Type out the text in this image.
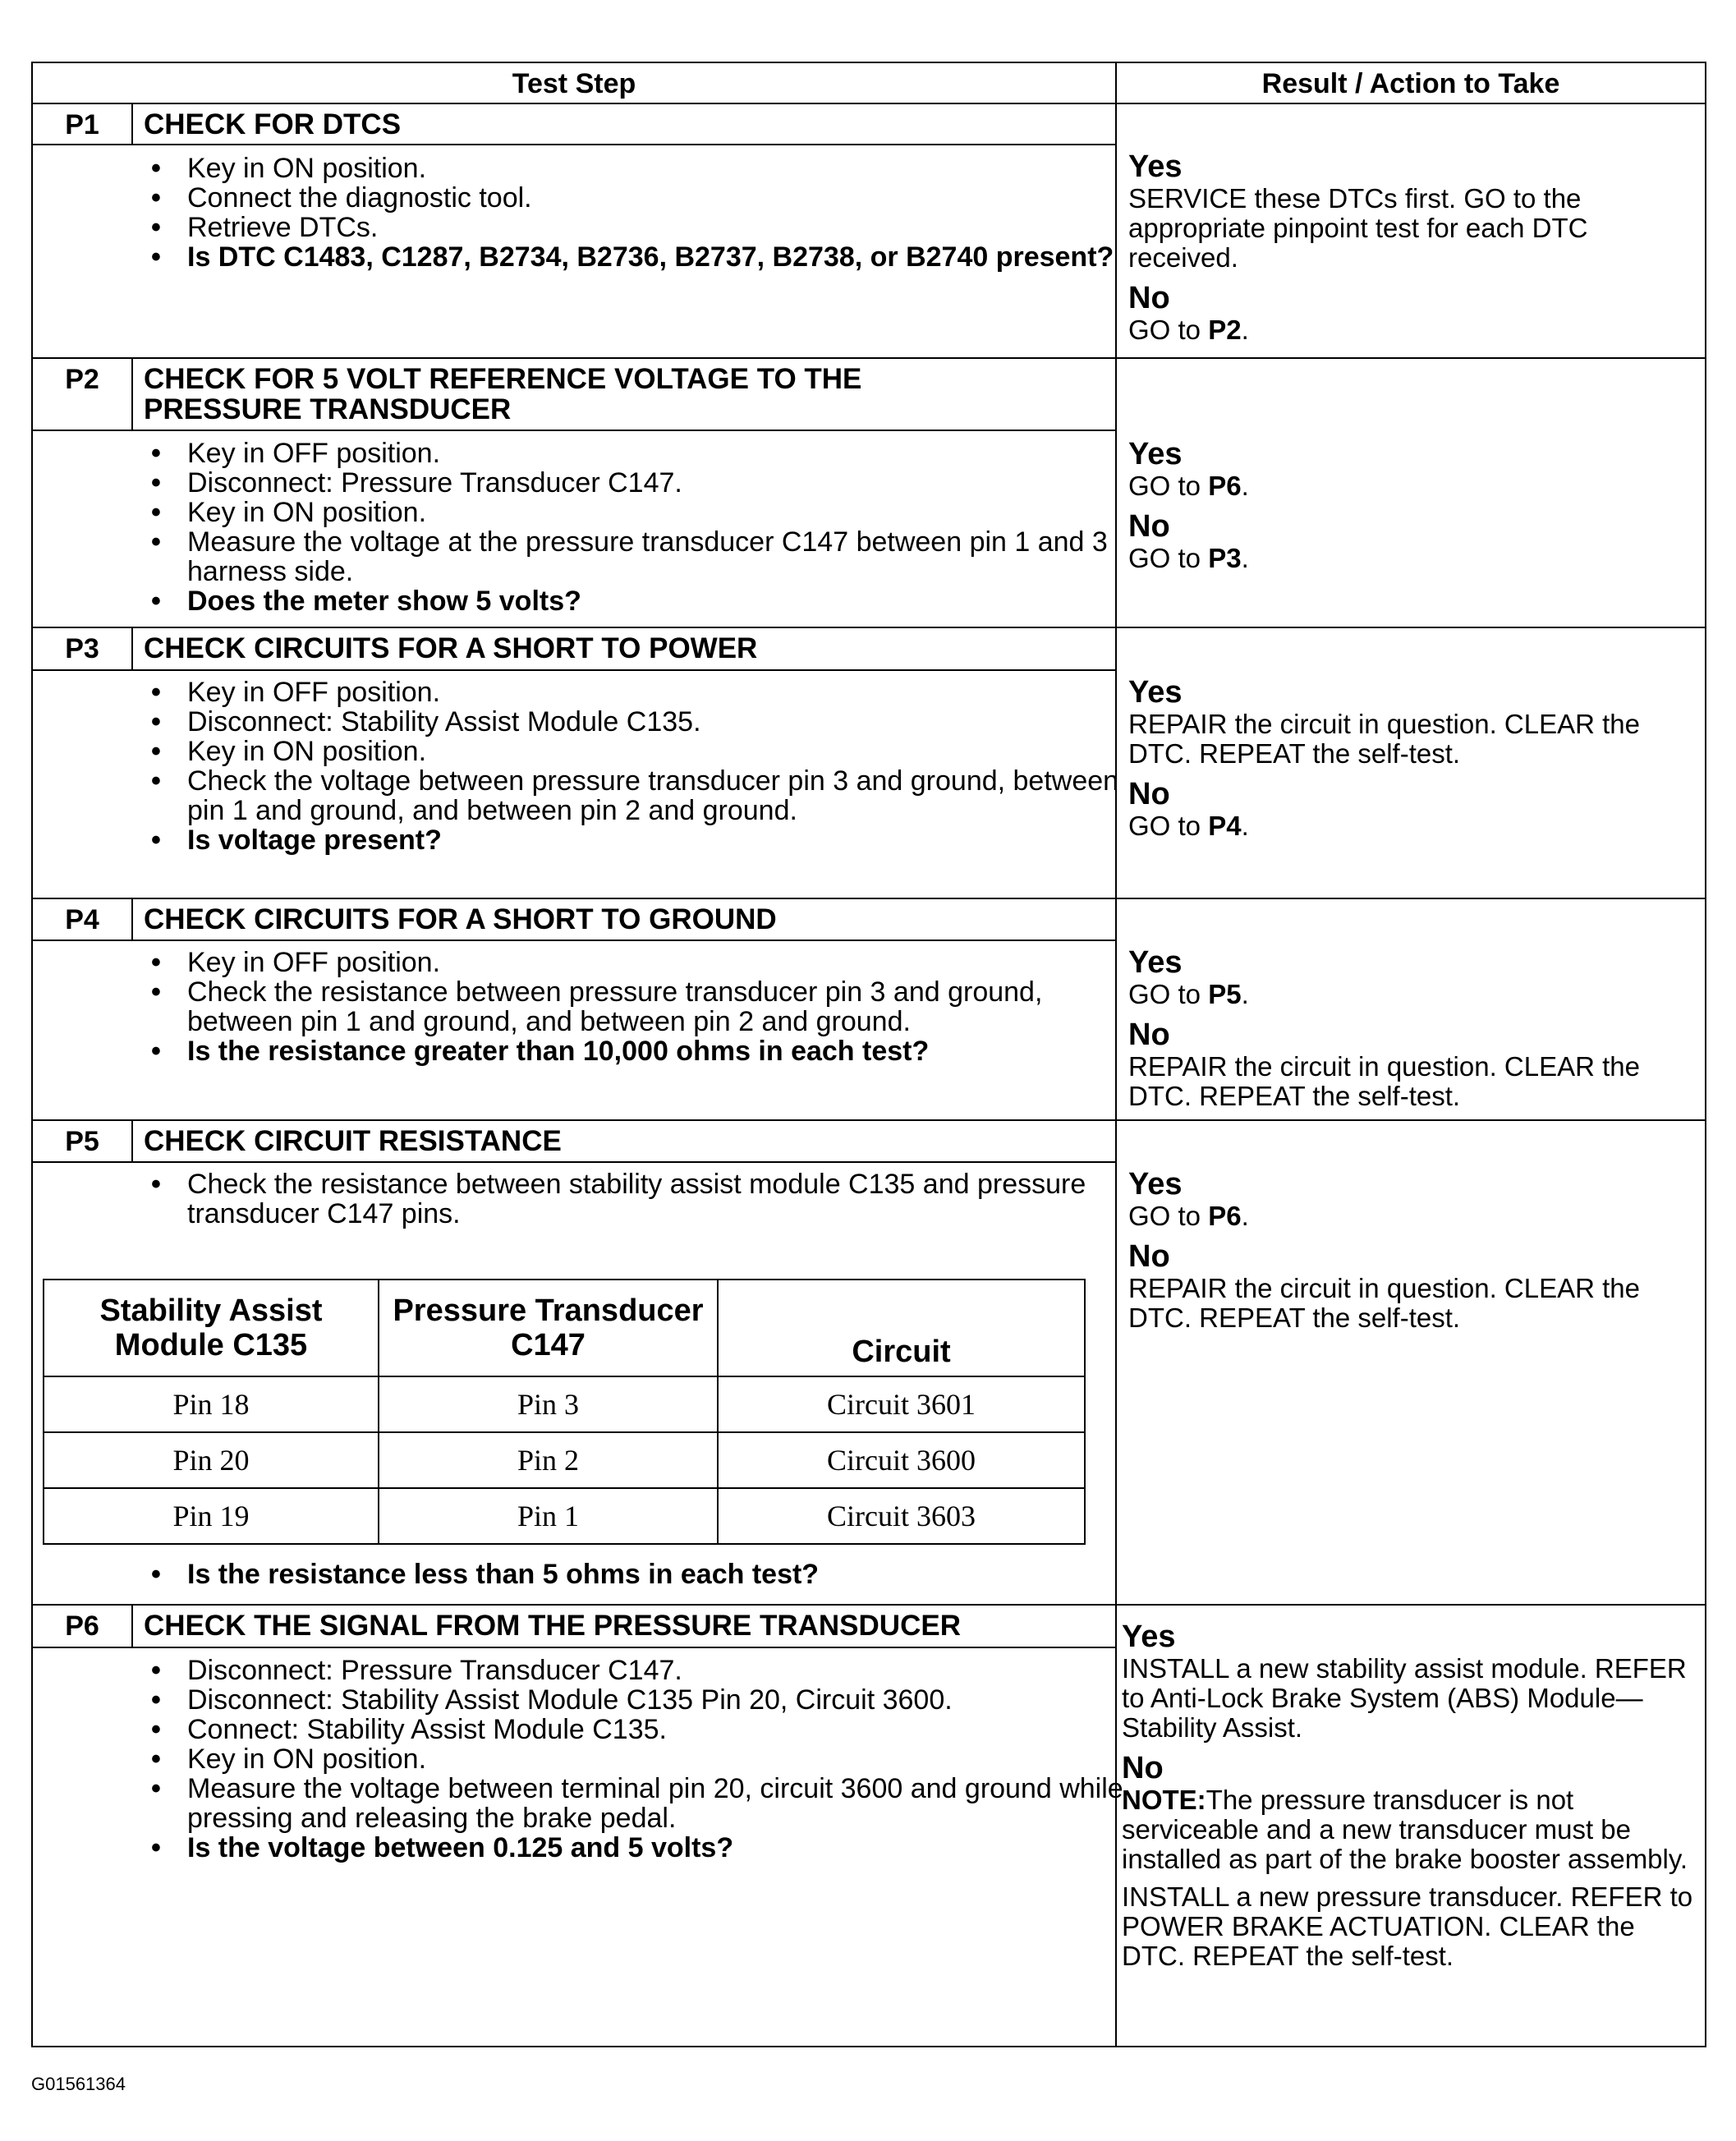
Test Step	Result / Action to Take
P1	CHECK FOR DTCS
• Key in ON position.
• Connect the diagnostic tool.
• Retrieve DTCs.
• Is DTC C1483, C1287, B2734, B2736, B2737, B2738, or B2740 present?
Yes
SERVICE these DTCs first. GO to the appropriate pinpoint test for each DTC received.
No
GO to P2.
P2	CHECK FOR 5 VOLT REFERENCE VOLTAGE TO THE PRESSURE TRANSDUCER
• Key in OFF position.
• Disconnect: Pressure Transducer C147.
• Key in ON position.
• Measure the voltage at the pressure transducer C147 between pin 1 and 3 harness side.
• Does the meter show 5 volts?
Yes
GO to P6.
No
GO to P3.
P3	CHECK CIRCUITS FOR A SHORT TO POWER
• Key in OFF position.
• Disconnect: Stability Assist Module C135.
• Key in ON position.
• Check the voltage between pressure transducer pin 3 and ground, between pin 1 and ground, and between pin 2 and ground.
• Is voltage present?
Yes
REPAIR the circuit in question. CLEAR the DTC. REPEAT the self-test.
No
GO to P4.
P4	CHECK CIRCUITS FOR A SHORT TO GROUND
• Key in OFF position.
• Check the resistance between pressure transducer pin 3 and ground, between pin 1 and ground, and between pin 2 and ground.
• Is the resistance greater than 10,000 ohms in each test?
Yes
GO to P5.
No
REPAIR the circuit in question. CLEAR the DTC. REPEAT the self-test.
P5	CHECK CIRCUIT RESISTANCE
• Check the resistance between stability assist module C135 and pressure transducer C147 pins.
Stability Assist Module C135	Pressure Transducer C147	Circuit
Pin 18	Pin 3	Circuit 3601
Pin 20	Pin 2	Circuit 3600
Pin 19	Pin 1	Circuit 3603
• Is the resistance less than 5 ohms in each test?
Yes
GO to P6.
No
REPAIR the circuit in question. CLEAR the DTC. REPEAT the self-test.
P6	CHECK THE SIGNAL FROM THE PRESSURE TRANSDUCER
• Disconnect: Pressure Transducer C147.
• Disconnect: Stability Assist Module C135 Pin 20, Circuit 3600.
• Connect: Stability Assist Module C135.
• Key in ON position.
• Measure the voltage between terminal pin 20, circuit 3600 and ground while pressing and releasing the brake pedal.
• Is the voltage between 0.125 and 5 volts?
Yes
INSTALL a new stability assist module. REFER to Anti-Lock Brake System (ABS) Module—Stability Assist.
No
NOTE:The pressure transducer is not serviceable and a new transducer must be installed as part of the brake booster assembly.
INSTALL a new pressure transducer. REFER to POWER BRAKE ACTUATION. CLEAR the DTC. REPEAT the self-test.
G01561364
